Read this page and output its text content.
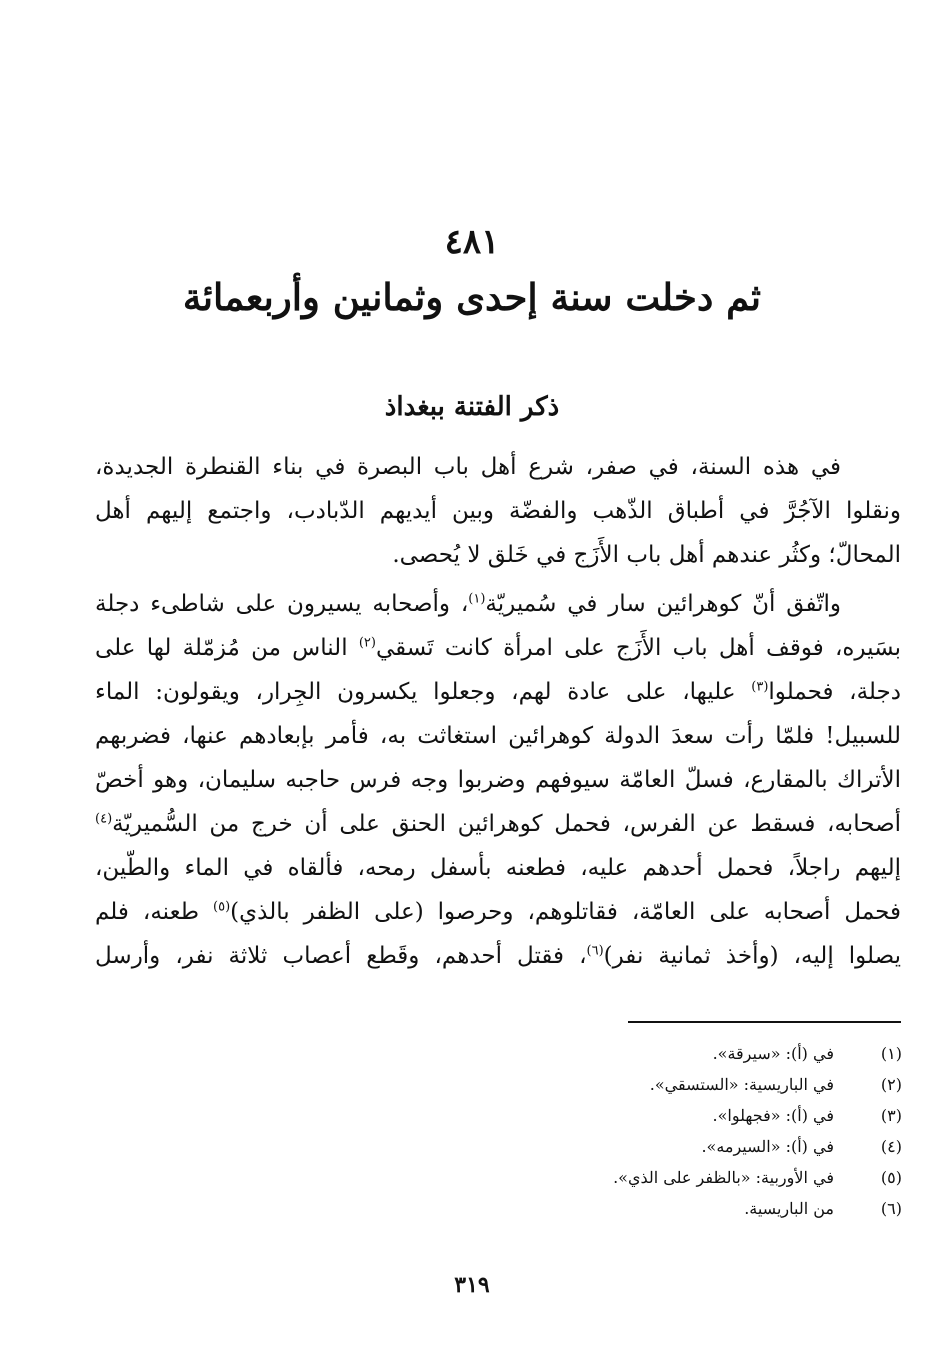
٤٨١
ثم دخلت سنة إحدى وثمانين وأربعمائة
ذكر الفتنة ببغداذ
في هذه السنة، في صفر، شرع أهل باب البصرة في بناء القنطرة الجديدة،
ونقلوا الآجُرَّ في أطباق الذّهب والفضّة وبين أيديهم الدّبادب، واجتمع إليهم أهل
المحالّ؛ وكثُر عندهم أهل باب الأَزَج في خَلق لا يُحصى.
واتّفق أنّ كوهرائين سار في سُميريّة$^{(١)}$، وأصحابه يسيرون على شاطىء دجلة
بسَيره، فوقف أهل باب الأَزَج على امرأة كانت تَسقي$^{(٢)}$ الناس من مُزمّلة لها على
دجلة، فحملوا$^{(٣)}$ عليها، على عادة لهم، وجعلوا يكسرون الجِرار، ويقولون: الماء
للسبيل! فلمّا رأت سعدَ الدولة كوهرائين استغاثت به، فأمر بإبعادهم عنها، فضربهم
الأتراك بالمقارع، فسلّ العامّة سيوفهم وضربوا وجه فرس حاجبه سليمان، وهو أخصّ
أصحابه، فسقط عن الفرس، فحمل كوهرائين الحنق على أن خرج من السُّميريّة$^{(٤)}$
إليهم راجلاً، فحمل أحدهم عليه، فطعنه بأسفل رمحه، فألقاه في الماء والطّين،
فحمل أصحابه على العامّة، فقاتلوهم، وحرصوا (على الظفر بالذي)$^{(٥)}$ طعنه، فلم
يصلوا إليه، (وأخذ ثمانية نفر)$^{(٦)}$، فقتل أحدهم، وقَطع أعصاب ثلاثة نفر، وأرسل
(١)في (أ): «سيرقة».
(٢)في الباريسية: «الستسقي».
(٣)في (أ): «فجهلوا».
(٤)في (أ): «السيرمه».
(٥)في الأوربية: «بالظفر على الذي».
(٦)من الباريسية.
٣١٩
